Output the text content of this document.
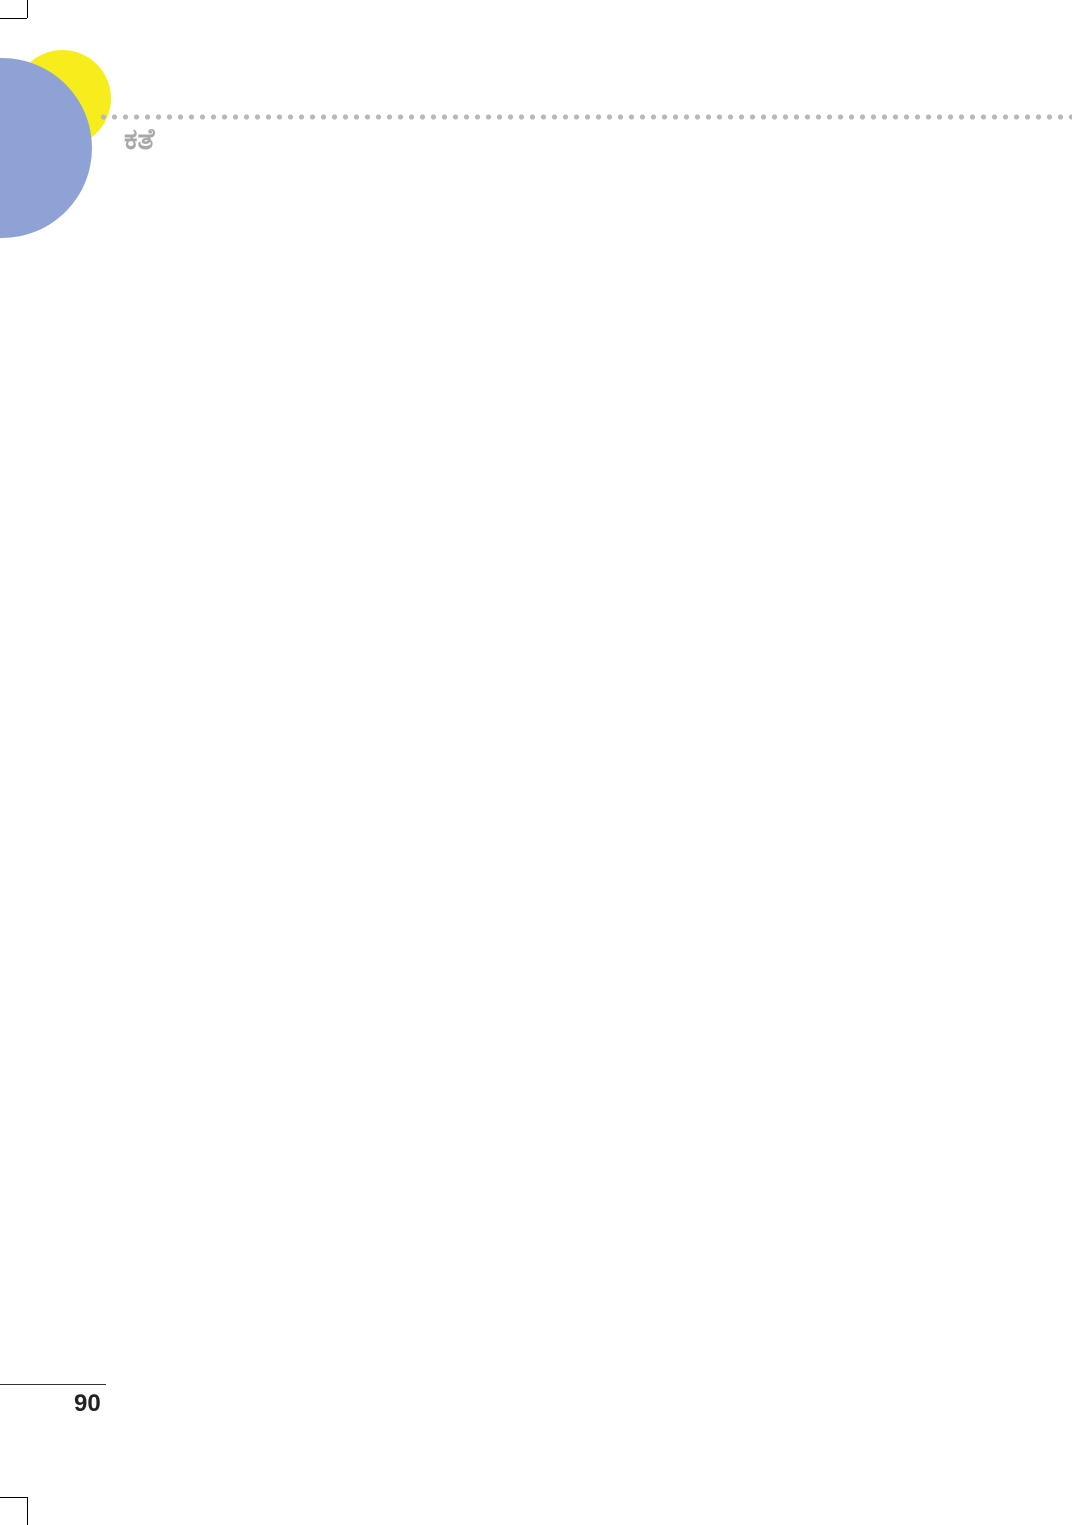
ಕತೆ
90
